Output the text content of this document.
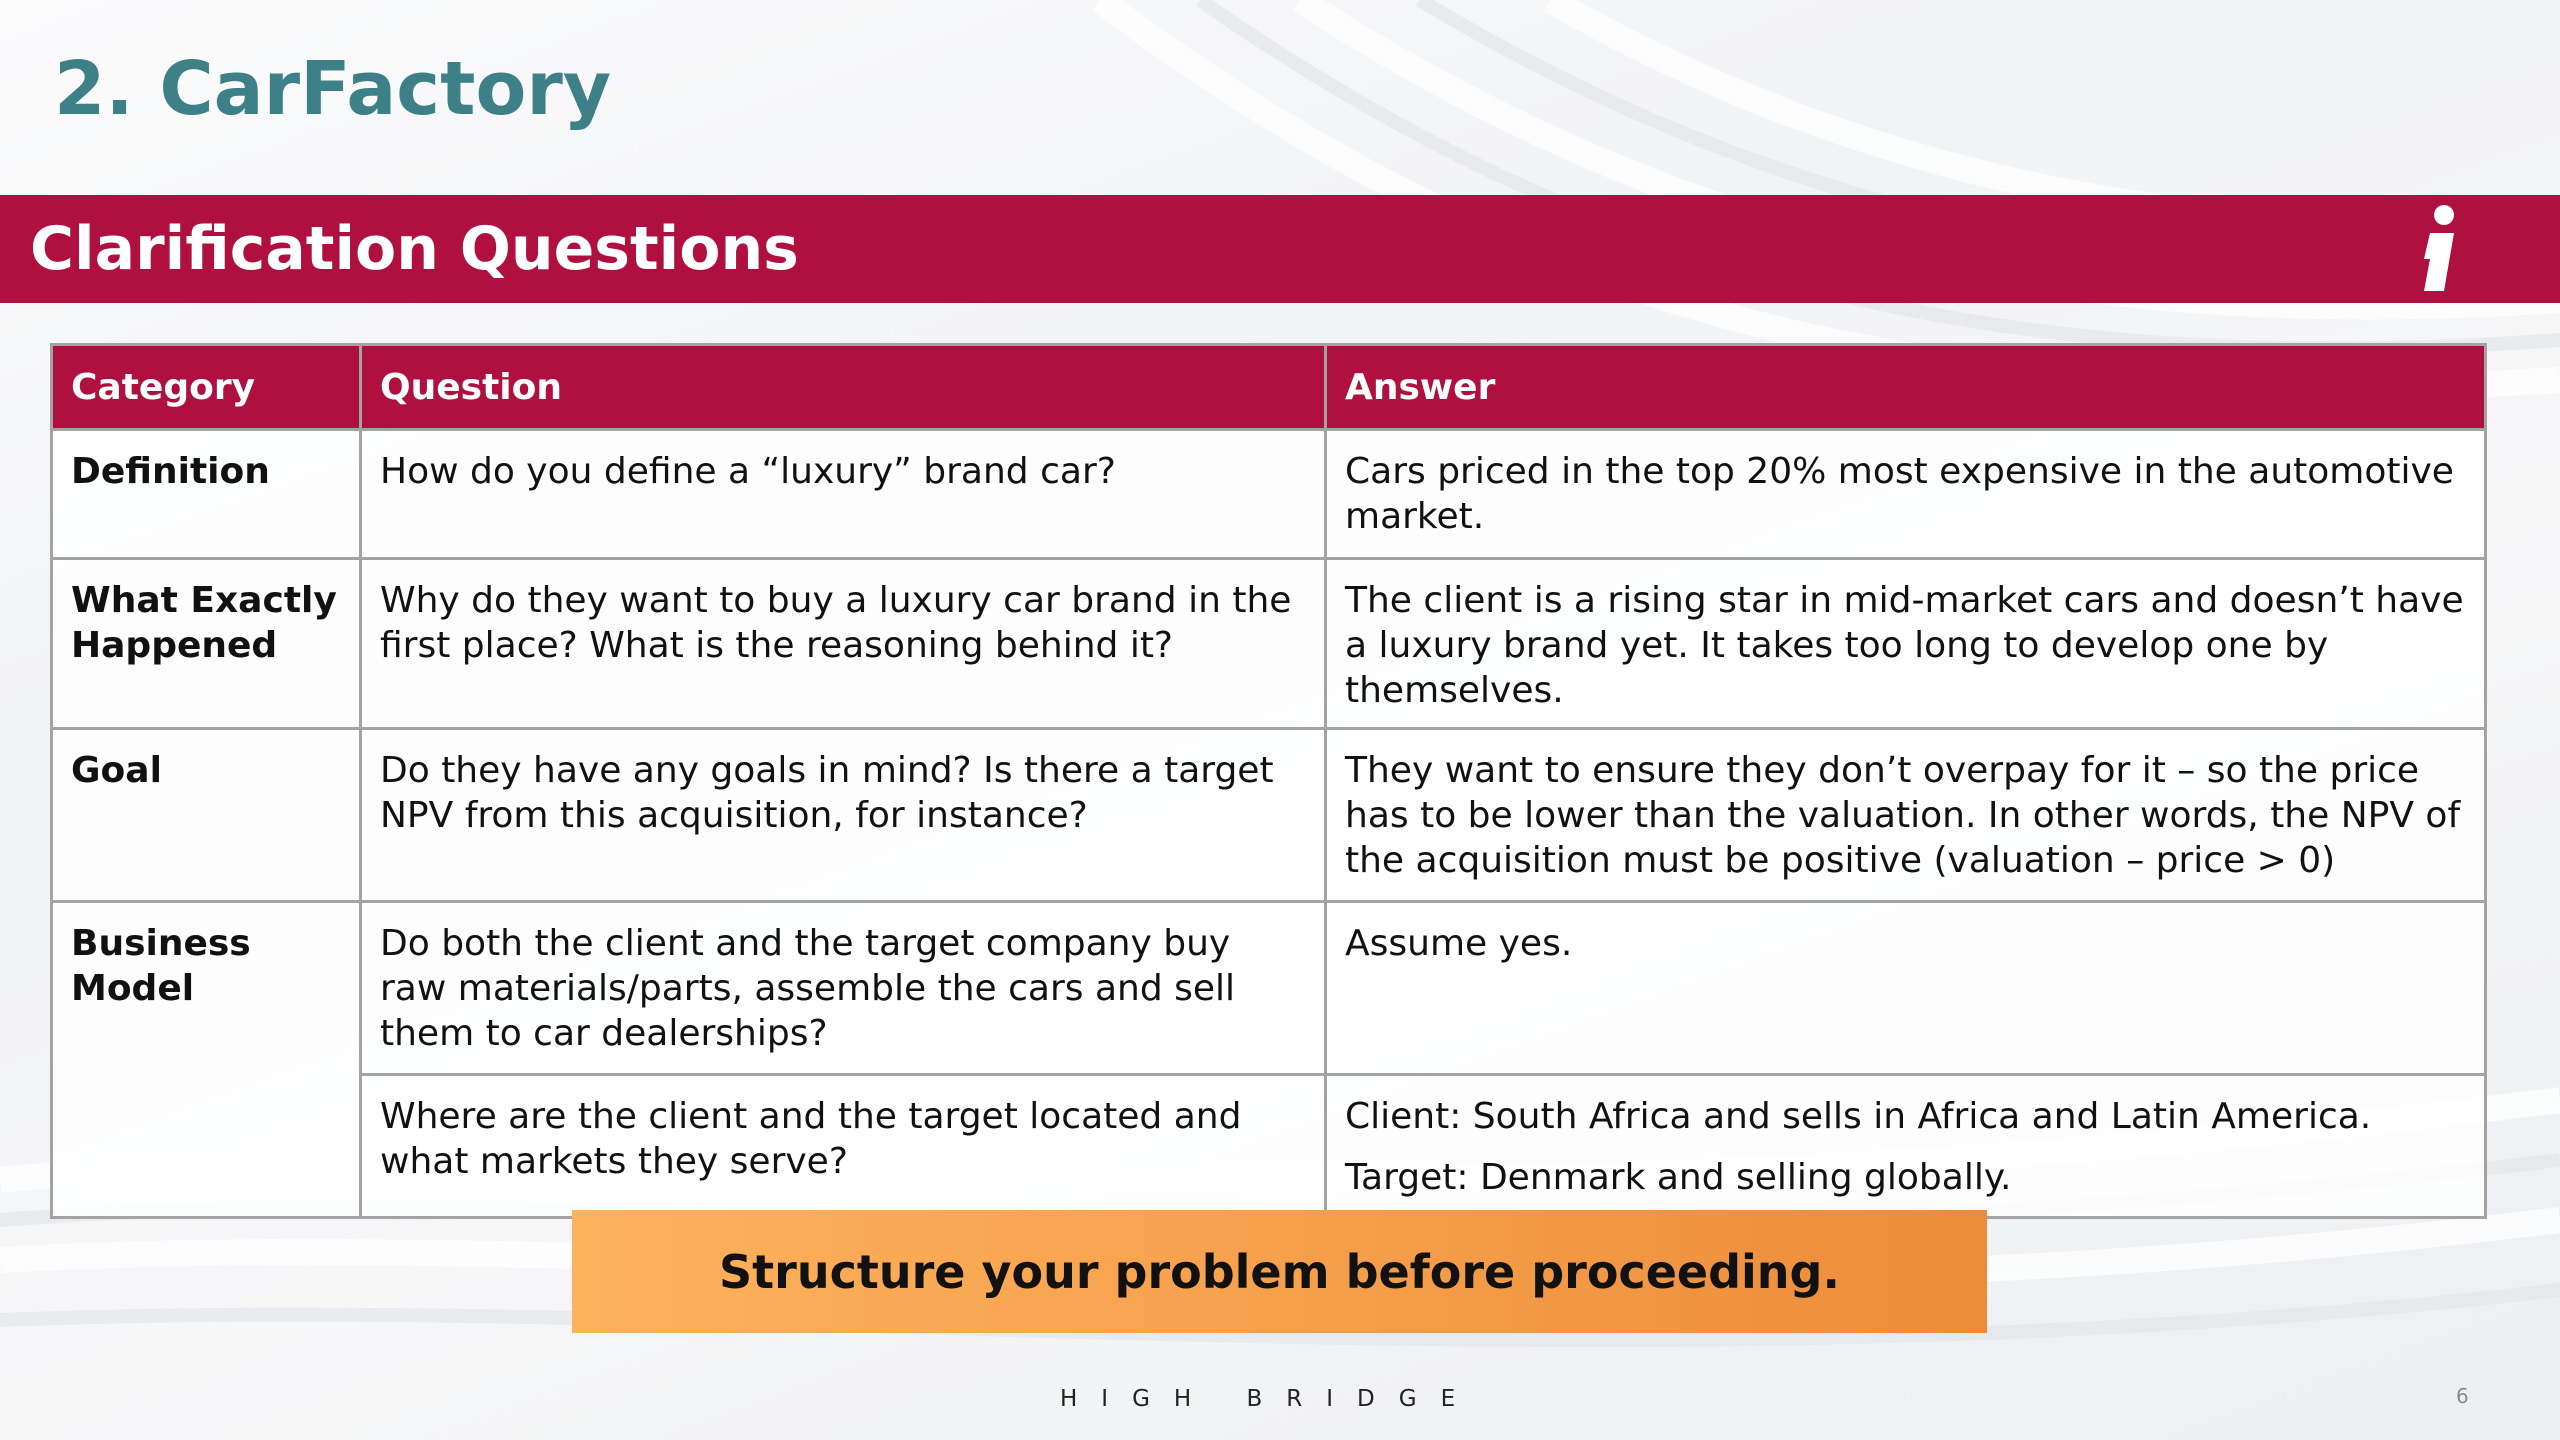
2. CarFactory
Clarification Questions
Category	Question	Answer
Definition	How do you define a “luxury” brand car?	Cars priced in the top 20% most expensive in the automotive market.

What Exactly Happened	Why do they want to buy a luxury car brand in the first place? What is the reasoning behind it?	The client is a rising star in mid-market cars and doesn’t have a luxury brand yet. It takes too long to develop one by themselves.

Goal	Do they have any goals in mind? Is there a target NPV from this acquisition, for instance?	They want to ensure they don’t overpay for it – so the price has to be lower than the valuation. In other words, the NPV of the acquisition must be positive (valuation – price > 0)

Business Model	Do both the client and the target company buy raw materials/parts, assemble the cars and sell them to car dealerships?	Assume yes.

	Where are the client and the target located and what markets they serve?	Client: South Africa and sells in Africa and Latin America.
Target: Denmark and selling globally.
Structure your problem before proceeding.
HIGH BRIDGE	6
